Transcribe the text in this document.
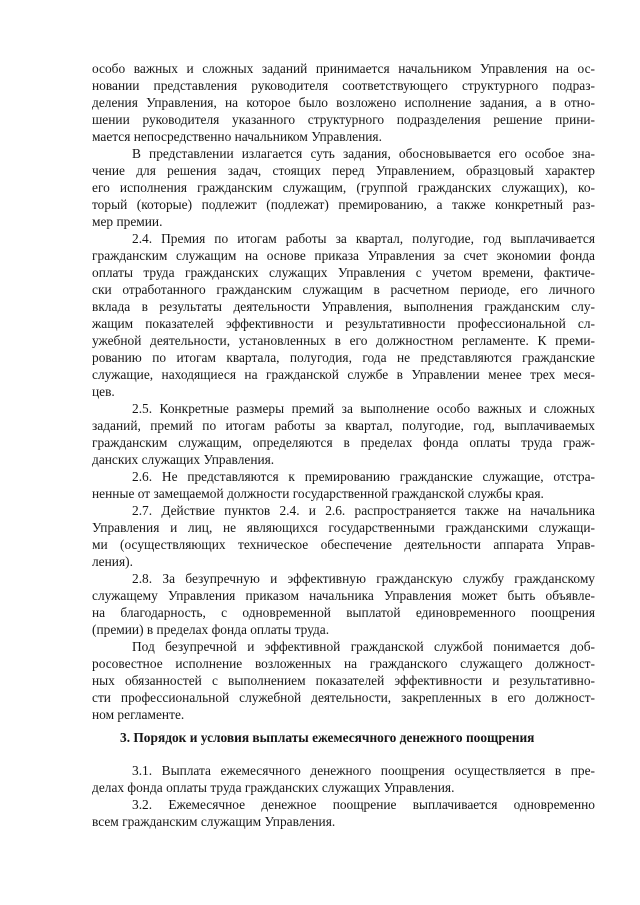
особо важных и сложных заданий принимается начальником Управления на ос-
новании представления руководителя соответствующего структурного подраз-
деления Управления, на которое было возложено исполнение задания, а в отно-
шении руководителя указанного структурного подразделения решение прини-
мается непосредственно начальником Управления.
В представлении излагается суть задания, обосновывается его особое зна-
чение для решения задач, стоящих перед Управлением, образцовый характер
его исполнения гражданским служащим, (группой гражданских служащих), ко-
торый (которые) подлежит (подлежат) премированию, а также конкретный раз-
мер премии.
2.4. Премия по итогам работы за квартал, полугодие, год выплачивается
гражданским служащим на основе приказа Управления за счет экономии фонда
оплаты труда гражданских служащих Управления с учетом времени, фактиче-
ски отработанного гражданским служащим в расчетном периоде, его личного
вклада в результаты деятельности Управления, выполнения гражданским слу-
жащим показателей эффективности и результативности профессиональной сл-
ужебной деятельности, установленных в его должностном регламенте. К преми-
рованию по итогам квартала, полугодия, года не представляются гражданские
служащие, находящиеся на гражданской службе в Управлении менее трех меся-
цев.
2.5. Конкретные размеры премий за выполнение особо важных и сложных
заданий, премий по итогам работы за квартал, полугодие, год, выплачиваемых
гражданским служащим, определяются в пределах фонда оплаты труда граж-
данских служащих Управления.
2.6. Не представляются к премированию гражданские служащие, отстра-
ненные от замещаемой должности государственной гражданской службы края.
2.7. Действие пунктов 2.4. и 2.6. распространяется также на начальника
Управления и лиц, не являющихся государственными гражданскими служащи-
ми (осуществляющих техническое обеспечение деятельности аппарата Управ-
ления).
2.8. За безупречную и эффективную гражданскую службу гражданскому
служащему Управления приказом начальника Управления может быть объявле-
на благодарность, с одновременной выплатой единовременного поощрения
(премии) в пределах фонда оплаты труда.
Под безупречной и эффективной гражданской службой понимается доб-
росовестное исполнение возложенных на гражданского служащего должност-
ных обязанностей с выполнением показателей эффективности и результативно-
сти профессиональной служебной деятельности, закрепленных в его должност-
ном регламенте.
3. Порядок и условия выплаты ежемесячного денежного поощрения
3.1. Выплата ежемесячного денежного поощрения осуществляется в пре-
делах фонда оплаты труда гражданских служащих Управления.
3.2. Ежемесячное денежное поощрение выплачивается одновременно
всем гражданским служащим Управления.
